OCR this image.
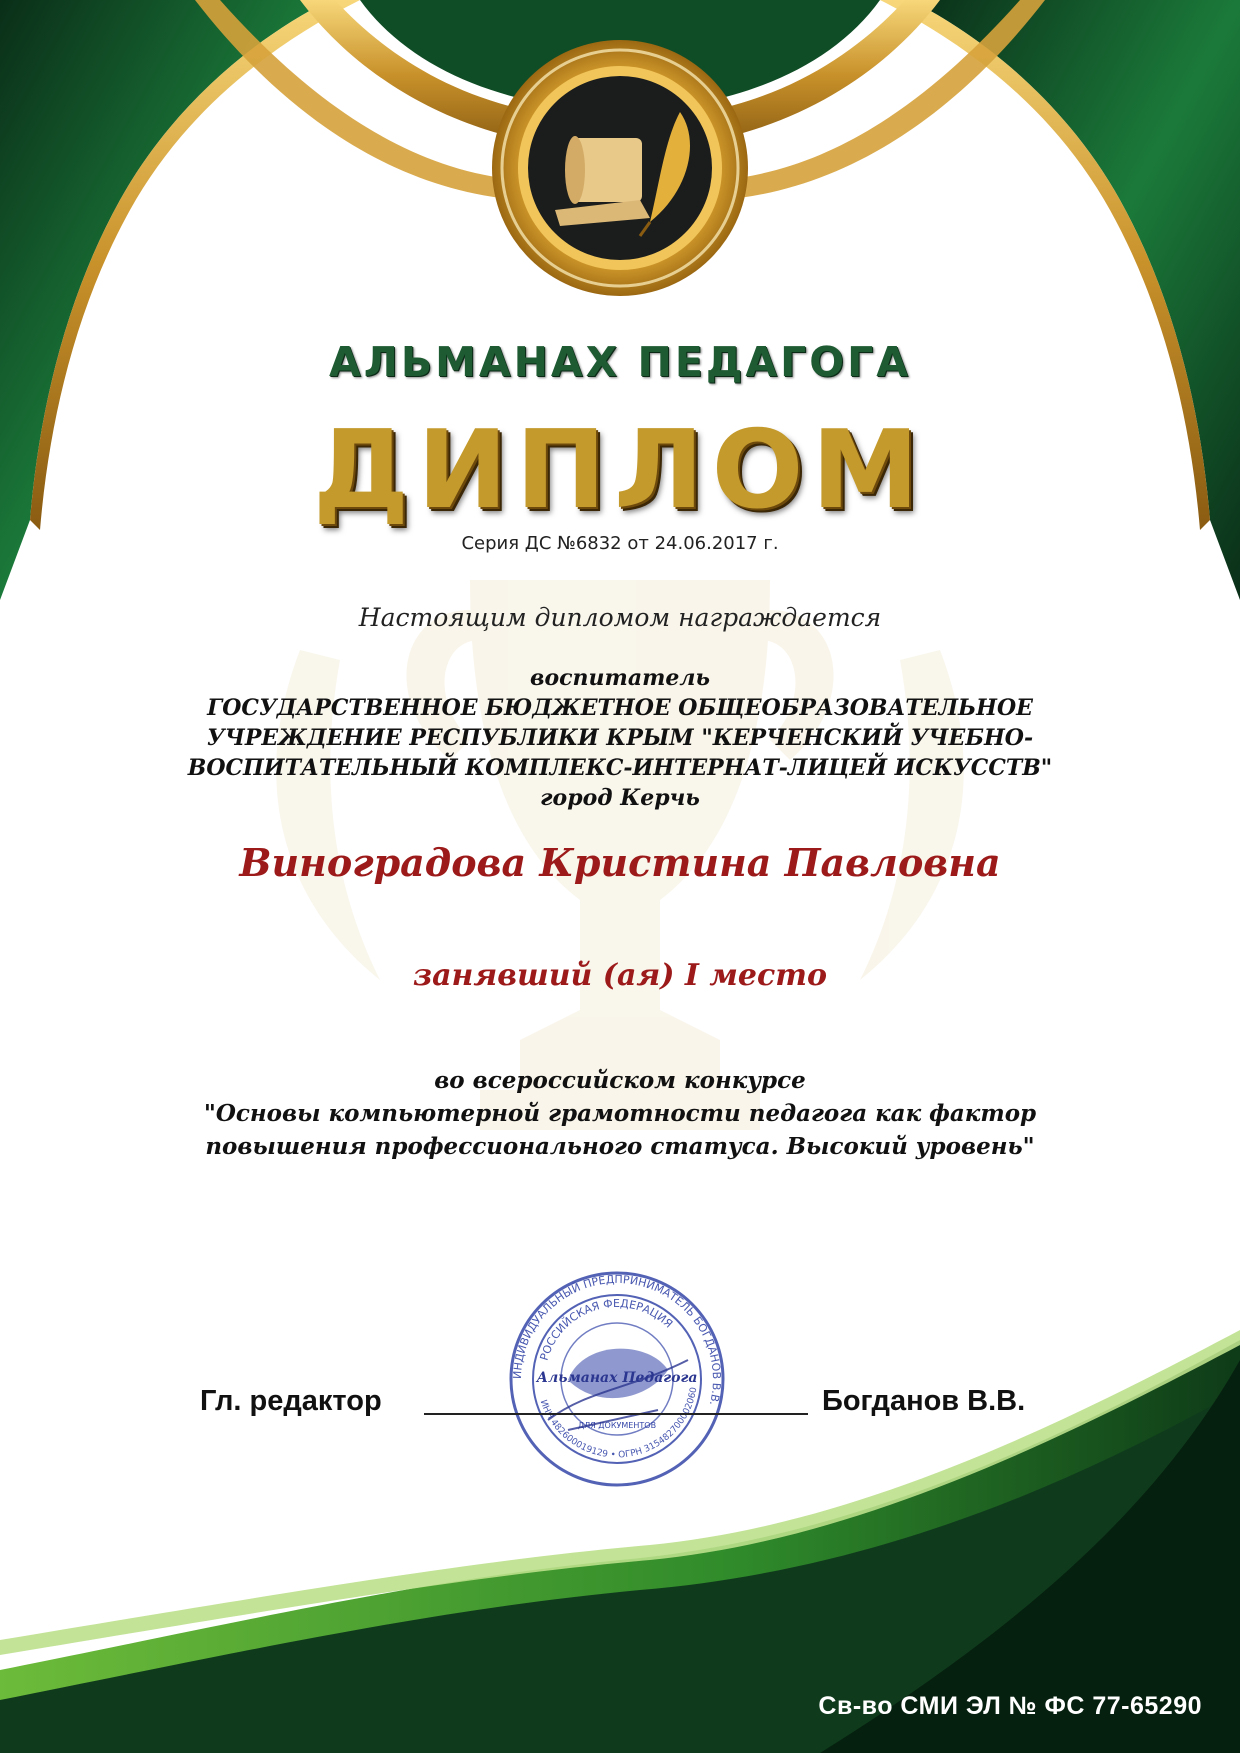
АЛЬМАНАХ ПЕДАГОГА
ДИПЛОМ
Серия ДС №6832 от 24.06.2017 г.
Настоящим дипломом награждается
воспитатель
ГОСУДАРСТВЕННОЕ БЮДЖЕТНОЕ ОБЩЕОБРАЗОВАТЕЛЬНОЕ
УЧРЕЖДЕНИЕ РЕСПУБЛИКИ КРЫМ "КЕРЧЕНСКИЙ УЧЕБНО-
ВОСПИТАТЕЛЬНЫЙ КОМПЛЕКС-ИНТЕРНАТ-ЛИЦЕЙ ИСКУССТВ"
город Керчь
Виноградова Кристина Павловна
занявший (ая) I место
во всероссийском конкурсе
"Основы компьютерной грамотности педагога как фактор
повышения профессионального статуса. Высокий уровень"
ИНДИВИДУАЛЬНЫЙ ПРЕДПРИНИМАТЕЛЬ БОГДАНОВ В.В.
РОССИЙСКАЯ ФЕДЕРАЦИЯ
ИНН 482600019129 • ОГРН 315482700002060
Альманах Педагога
ДЛЯ ДОКУМЕНТОВ
Гл. редактор	Богданов В.В.
Св-во СМИ ЭЛ № ФС 77-65290
